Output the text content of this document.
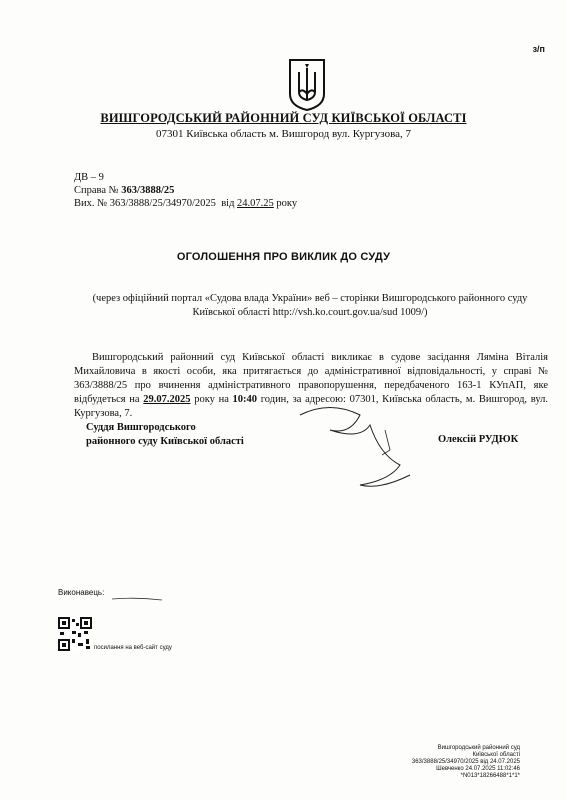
з/п
ВИШГОРОДСЬКИЙ РАЙОННИЙ СУД КИЇВСЬКОЇ ОБЛАСТІ
07301 Київська область м. Вишгород вул. Кургузова, 7
ДВ – 9
Справа № 363/3888/25
Вих. № 363/3888/25/34970/2025 від 24.07.25 року
ОГОЛОШЕННЯ ПРО ВИКЛИК ДО СУДУ
(через офіційний портал «Судова влада України» веб – сторінки Вишгородського районного суду Київської області http://vsh.ko.court.gov.ua/sud 1009/)
Вишгородський районний суд Київської області викликає в судове засідання Ляміна Віталія Михайловича в якості особи, яка притягається до адміністративної відповідальності, у справі № 363/3888/25 про вчинення адміністративного правопорушення, передбаченого 163-1 КУпАП, яке відбудеться на 29.07.2025 року на 10:40 годин, за адресою: 07301, Київська область, м. Вишгород, вул. Кургузова, 7.
Суддя Вишгородського
районного суду Київської області	Олексій РУДЮК
Виконавець:
посилання на веб-сайт суду
Вишгородський районний суд
Київської області
363/3888/25/34970/2025 від 24.07.2025
Шевченко 24.07.2025 11:02:46
*N013*18266488*1*1*
